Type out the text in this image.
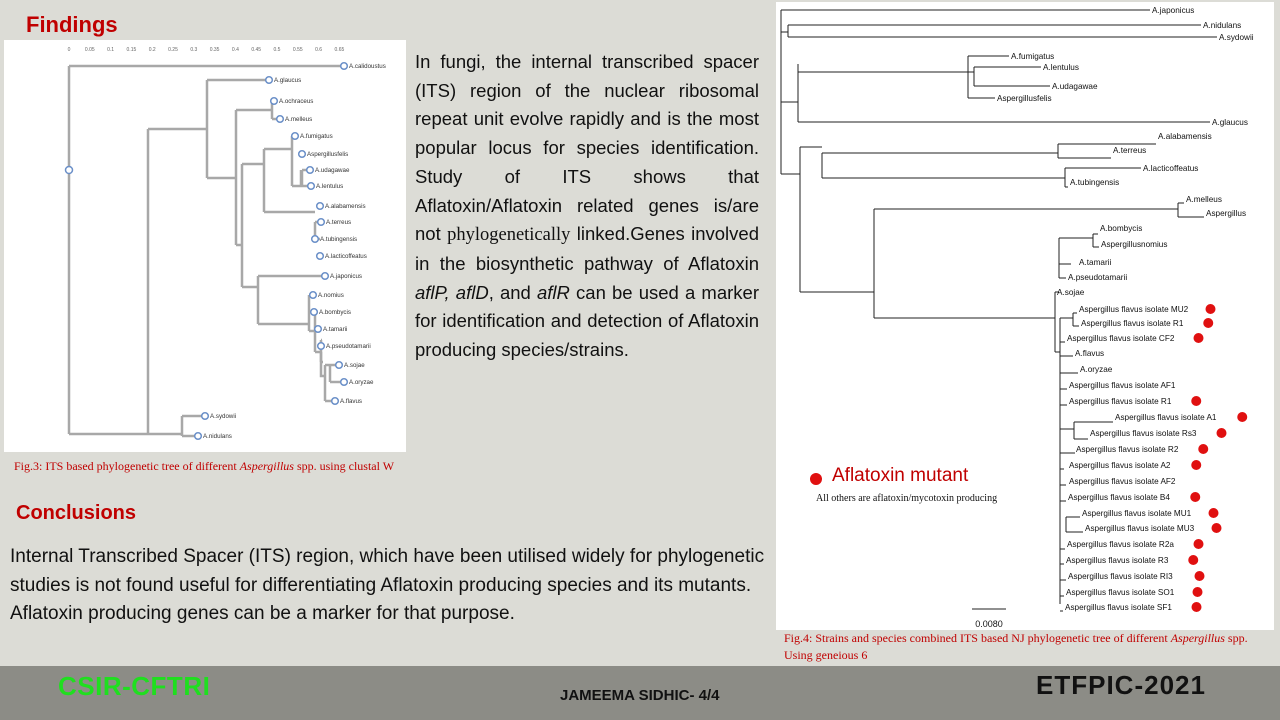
Findings
0	0.05 0.1 0.15 0.2 0.25 0.3 0.35 0.4 0.45 0.5 0.55 0.6 0.65
A.calidoustus
A.glaucus
A.ochraceus
A.melleus
A.fumigatus
Aspergillusfelis
A.udagawae
A.lentulus
A.alabamensis
A.terreus
A.tubingensis
A.lacticoffeatus
A.japonicus
A.nomius
A.bombycis
A.tamarii
A.pseudotamarii
A.sojae
A.oryzae
A.flavus
A.sydowii
A.nidulans
Fig.3: ITS based phylogenetic tree of different Aspergillus spp. using clustal W
In fungi, the internal transcribed spacer (ITS) region of the nuclear ribosomal repeat unit evolve rapidly and is the most popular locus for species identification. Study of ITS shows that Aflatoxin/Aflatoxin related genes is/are not phylogenetically linked.Genes involved in the biosynthetic pathway of Aflatoxin aflP, aflD, and aflR can be used a marker for identification and detection of Aflatoxin producing species/strains.
Conclusions
Internal Transcribed Spacer (ITS) region, which have been utilised widely for phylogenetic studies is not found useful for differentiating Aflatoxin producing species and its mutants. Aflatoxin producing genes can be a marker for that purpose.
A.japonicus
A.nidulans
A.sydowii
A.fumigatus
A.lentulus
A.udagawae
Aspergillusfelis
A.glaucus
A.alabamensis
A.terreus
A.lacticoffeatus
A.tubingensis
A.melleus
Aspergillus
A.bombycis
Aspergillusnomius
A.tamarii
A.pseudotamarii
A.sojae
Aspergillus flavus isolate MU2
Aspergillus flavus isolate R1
Aspergillus flavus isolate CF2
A.flavus
A.oryzae
Aspergillus flavus isolate AF1
Aspergillus flavus isolate R1
Aspergillus flavus isolate A1
Aspergillus flavus isolate Rs3
Aspergillus flavus isolate R2
Aspergillus flavus isolate A2
Aspergillus flavus isolate AF2
Aspergillus flavus isolate B4
Aspergillus flavus isolate MU1
Aspergillus flavus isolate MU3
Aspergillus flavus isolate R2a
Aspergillus flavus isolate R3
Aspergillus flavus isolate RI3
Aspergillus flavus isolate SO1
Aspergillus flavus isolate SF1
0.0080
Aflatoxin mutant
All others are aflatoxin/mycotoxin producing
Fig.4: Strains and species combined ITS based NJ phylogenetic tree of different Aspergillus spp. Using geneious 6
CSIR-CFTRI	JAMEEMA SIDHIC- 4/4	ETFPIC-2021
